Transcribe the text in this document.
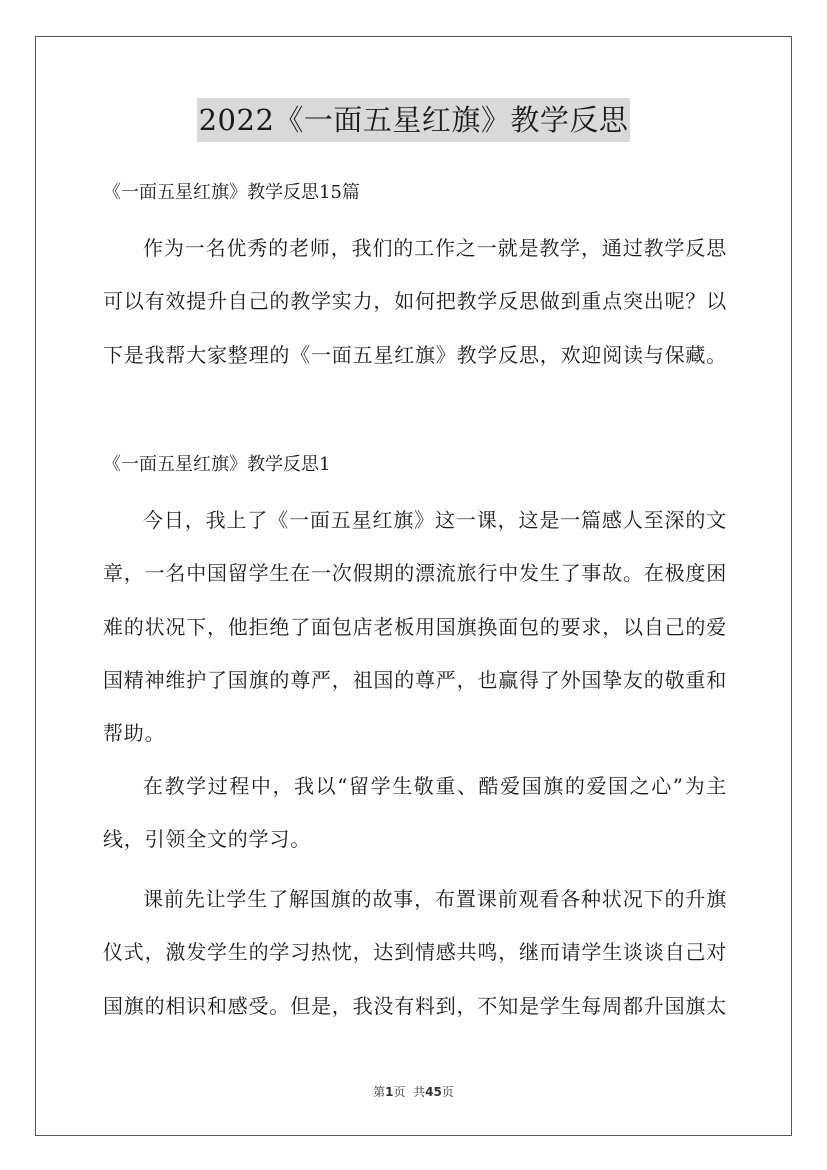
2022《一面五星红旗》教学反思
《一面五星红旗》教学反思15篇
作为一名优秀的老师，我们的工作之一就是教学，通过教学反思可以有效提升自己的教学实力，如何把教学反思做到重点突出呢？以下是我帮大家整理的《一面五星红旗》教学反思，欢迎阅读与保藏。
《一面五星红旗》教学反思1
今日，我上了《一面五星红旗》这一课，这是一篇感人至深的文章，一名中国留学生在一次假期的漂流旅行中发生了事故。在极度困难的状况下，他拒绝了面包店老板用国旗换面包的要求，以自己的爱国精神维护了国旗的尊严，祖国的尊严，也赢得了外国挚友的敬重和帮助。
在教学过程中，我以“留学生敬重、酷爱国旗的爱国之心”为主线，引领全文的学习。
课前先让学生了解国旗的故事，布置课前观看各种状况下的升旗仪式，激发学生的学习热忱，达到情感共鸣，继而请学生谈谈自己对国旗的相识和感受。但是，我没有料到，不知是学生每周都升国旗太
第1页 共45页
